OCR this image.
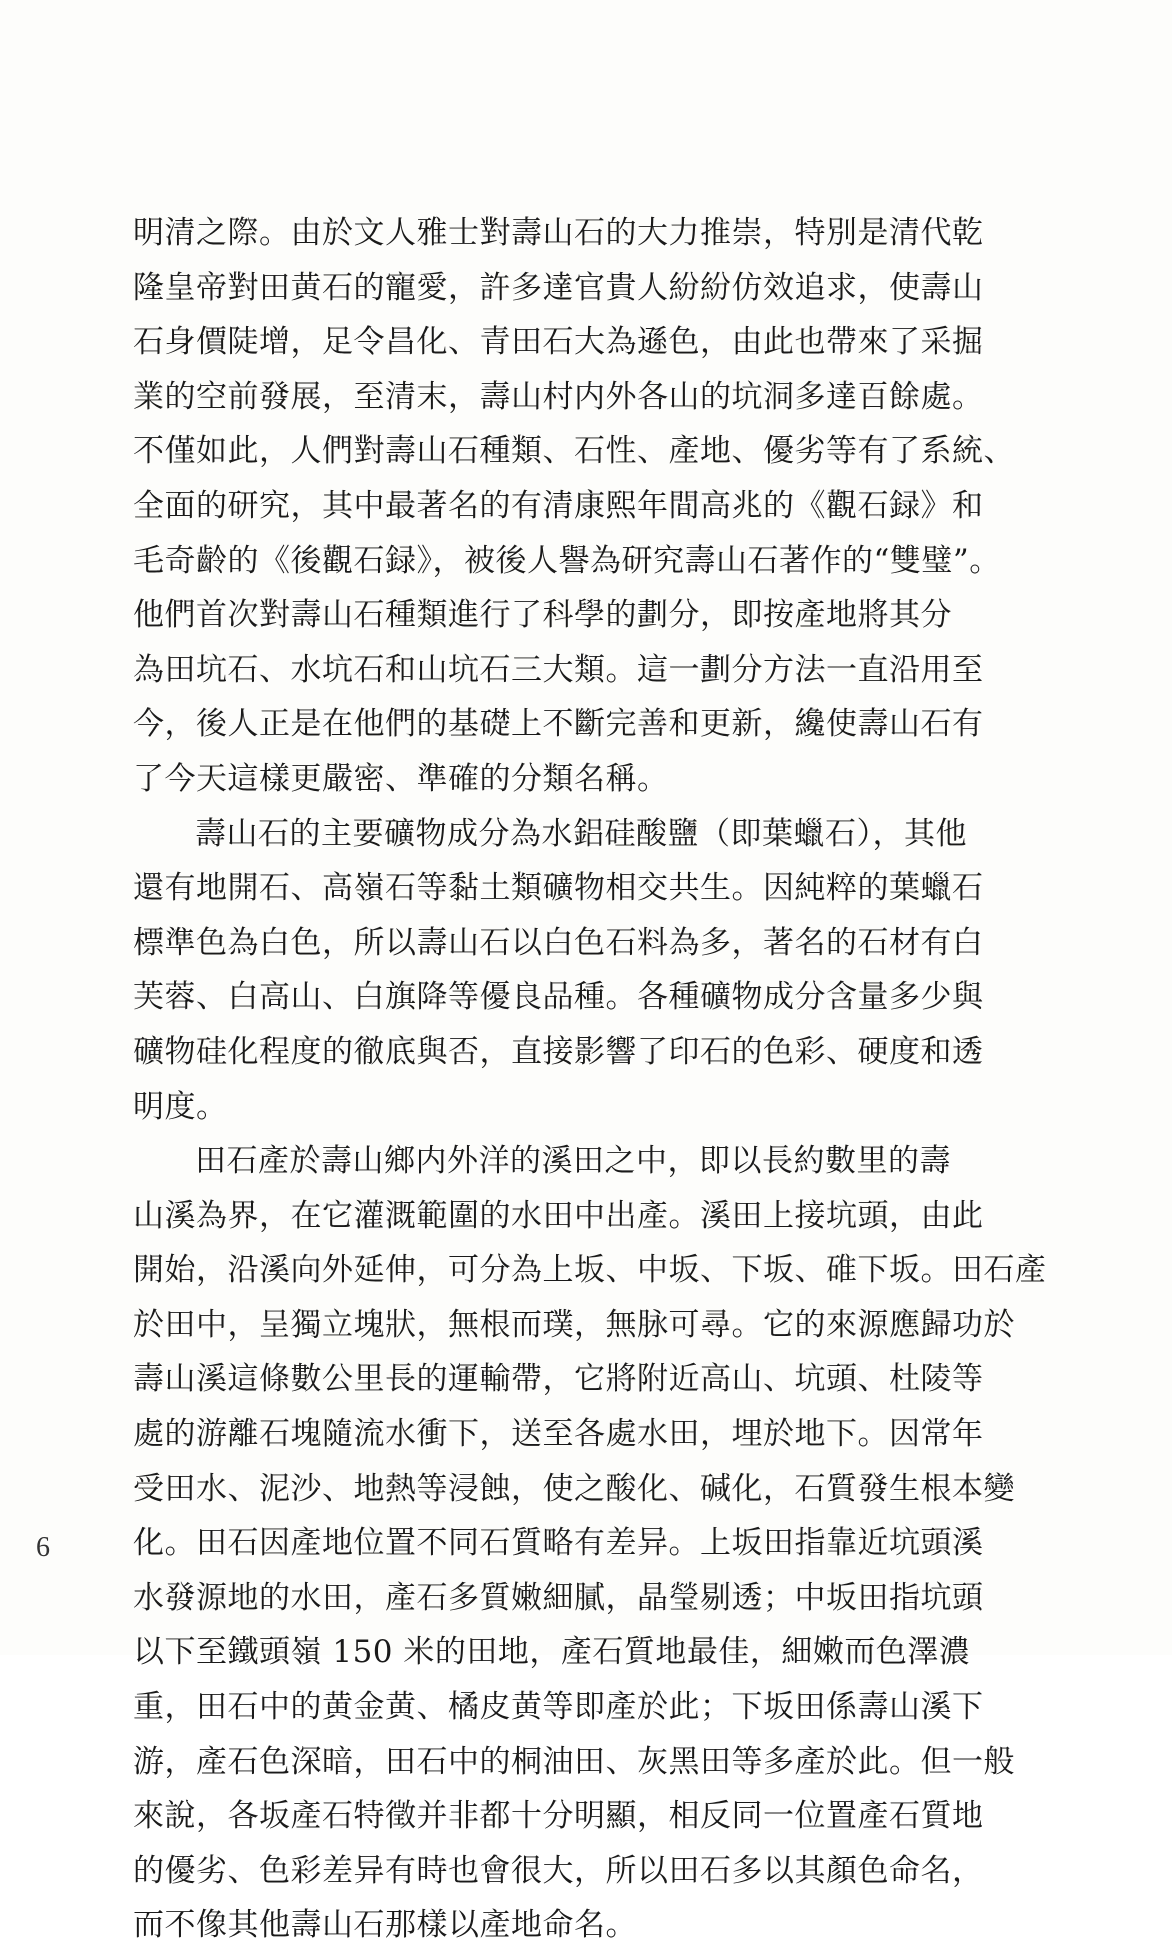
明清之際。由於文人雅士對壽山石的大力推崇，特別是清代乾
隆皇帝對田黄石的寵愛，許多達官貴人紛紛仿效追求，使壽山
石身價陡增，足令昌化、青田石大為遜色，由此也帶來了采掘
業的空前發展，至清末，壽山村内外各山的坑洞多達百餘處。
不僅如此，人們對壽山石種類、石性、產地、優劣等有了系統、
全面的研究，其中最著名的有清康熙年間高兆的《觀石録》和
毛奇齡的《後觀石録》，被後人譽為研究壽山石著作的“雙璧”。
他們首次對壽山石種類進行了科學的劃分，即按產地將其分
為田坑石、水坑石和山坑石三大類。這一劃分方法一直沿用至
今，後人正是在他們的基礎上不斷完善和更新，纔使壽山石有
了今天這樣更嚴密、準確的分類名稱。
壽山石的主要礦物成分為水鋁硅酸鹽（即葉蠟石），其他
還有地開石、高嶺石等黏土類礦物相交共生。因純粹的葉蠟石
標準色為白色，所以壽山石以白色石料為多，著名的石材有白
芙蓉、白高山、白旗降等優良品種。各種礦物成分含量多少與
礦物硅化程度的徹底與否，直接影響了印石的色彩、硬度和透
明度。
田石產於壽山鄉内外洋的溪田之中，即以長約數里的壽
山溪為界，在它灌溉範圍的水田中出產。溪田上接坑頭，由此
開始，沿溪向外延伸，可分為上坂、中坂、下坂、碓下坂。田石產
於田中，呈獨立塊狀，無根而璞，無脉可尋。它的來源應歸功於
壽山溪這條數公里長的運輸帶，它將附近高山、坑頭、杜陵等
處的游離石塊隨流水衝下，送至各處水田，埋於地下。因常年
受田水、泥沙、地熱等浸蝕，使之酸化、碱化，石質發生根本變
化。田石因產地位置不同石質略有差异。上坂田指靠近坑頭溪
水發源地的水田，產石多質嫩細膩，晶瑩剔透；中坂田指坑頭
以下至鐵頭嶺 150 米的田地，產石質地最佳，細嫩而色澤濃
重，田石中的黄金黄、橘皮黄等即產於此；下坂田係壽山溪下
游，產石色深暗，田石中的桐油田、灰黑田等多產於此。但一般
來說，各坂產石特徵并非都十分明顯，相反同一位置產石質地
的優劣、色彩差异有時也會很大，所以田石多以其顏色命名，
而不像其他壽山石那樣以產地命名。
6
